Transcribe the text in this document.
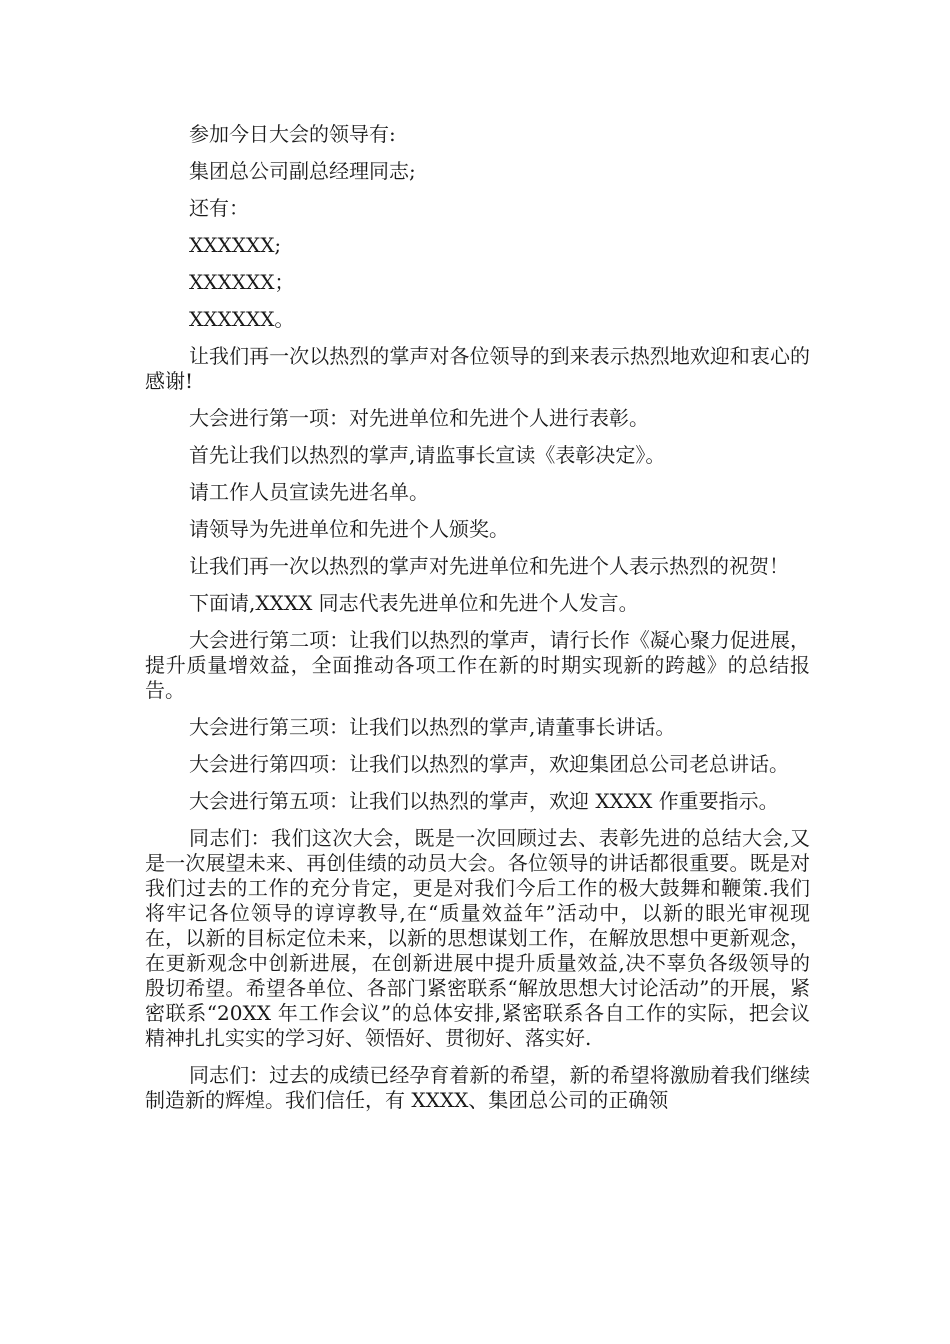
参加今日大会的领导有:

集团总公司副总经理同志;

还有：

XXXXXX;

XXXXXX；

XXXXXX。

让我们再一次以热烈的掌声对各位领导的到来表示热烈地欢迎和衷心的感谢!

大会进行第一项：对先进单位和先进个人进行表彰。

首先让我们以热烈的掌声,请监事长宣读《表彰决定》。

请工作人员宣读先进名单。

请领导为先进单位和先进个人颁奖。

让我们再一次以热烈的掌声对先进单位和先进个人表示热烈的祝贺！

下面请,XXXX 同志代表先进单位和先进个人发言。

大会进行第二项：让我们以热烈的掌声，请行长作《凝心聚力促进展，提升质量增效益，全面推动各项工作在新的时期实现新的跨越》的总结报告。

大会进行第三项：让我们以热烈的掌声,请董事长讲话。

大会进行第四项：让我们以热烈的掌声，欢迎集团总公司老总讲话。

大会进行第五项：让我们以热烈的掌声，欢迎 XXXX 作重要指示。

同志们：我们这次大会，既是一次回顾过去、表彰先进的总结大会,又是一次展望未来、再创佳绩的动员大会。各位领导的讲话都很重要。既是对我们过去的工作的充分肯定，更是对我们今后工作的极大鼓舞和鞭策.我们将牢记各位领导的谆谆教导,在“质量效益年”活动中，以新的眼光审视现在，以新的目标定位未来，以新的思想谋划工作，在解放思想中更新观念，在更新观念中创新进展，在创新进展中提升质量效益,决不辜负各级领导的殷切希望。希望各单位、各部门紧密联系“解放思想大讨论活动”的开展，紧密联系“20XX 年工作会议”的总体安排,紧密联系各自工作的实际，把会议精神扎扎实实的学习好、领悟好、贯彻好、落实好.

同志们：过去的成绩已经孕育着新的希望，新的希望将激励着我们继续制造新的辉煌。我们信任，有 XXXX、集团总公司的正确领
